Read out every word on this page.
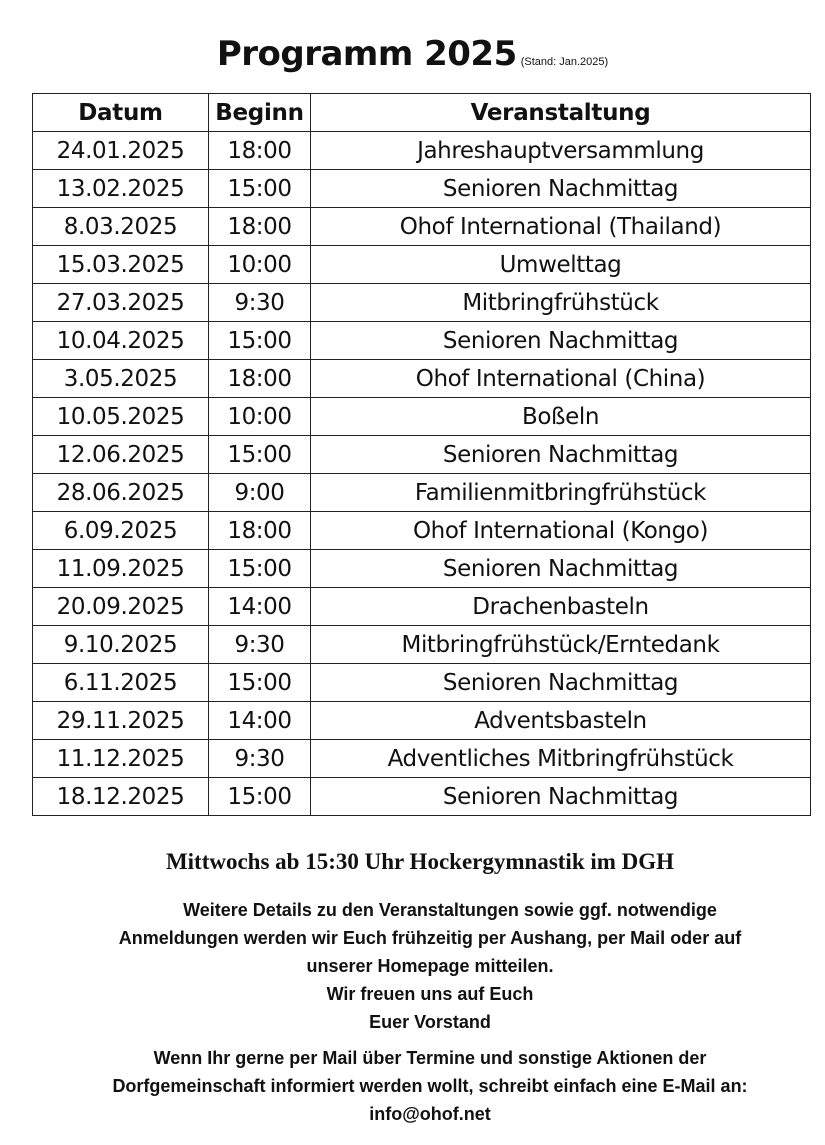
Programm 2025 (Stand: Jan.2025)
Datum	Beginn	Veranstaltung
24.01.2025	18:00	Jahreshauptversammlung
13.02.2025	15:00	Senioren Nachmittag
8.03.2025	18:00	Ohof International (Thailand)
15.03.2025	10:00	Umwelttag
27.03.2025	9:30	Mitbringfrühstück
10.04.2025	15:00	Senioren Nachmittag
3.05.2025	18:00	Ohof International (China)
10.05.2025	10:00	Boßeln
12.06.2025	15:00	Senioren Nachmittag
28.06.2025	9:00	Familienmitbringfrühstück
6.09.2025	18:00	Ohof International (Kongo)
11.09.2025	15:00	Senioren Nachmittag
20.09.2025	14:00	Drachenbasteln
9.10.2025	9:30	Mitbringfrühstück/Erntedank
6.11.2025	15:00	Senioren Nachmittag
29.11.2025	14:00	Adventsbasteln
11.12.2025	9:30	Adventliches Mitbringfrühstück
18.12.2025	15:00	Senioren Nachmittag
Mittwochs ab 15:30 Uhr Hockergymnastik im DGH
Weitere Details zu den Veranstaltungen sowie ggf. notwendige
Anmeldungen werden wir Euch frühzeitig per Aushang, per Mail oder auf
unserer Homepage mitteilen.
Wir freuen uns auf Euch
Euer Vorstand
Wenn Ihr gerne per Mail über Termine und sonstige Aktionen der
Dorfgemeinschaft informiert werden wollt, schreibt einfach eine E-Mail an:
info@ohof.net
